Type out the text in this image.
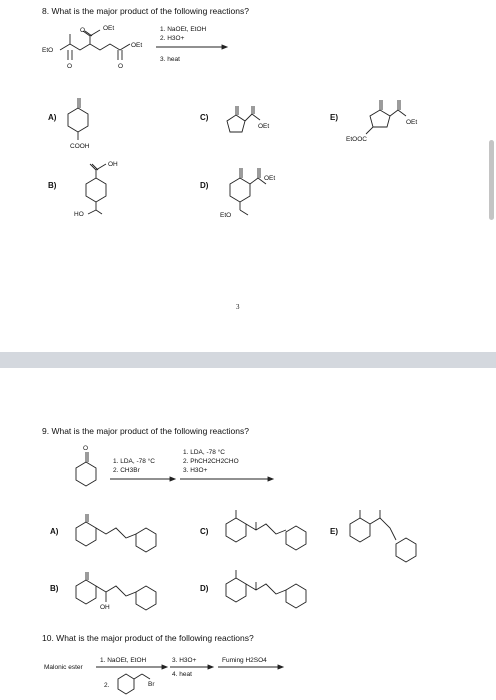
8. What is the major product of the following reactions?
EtO
OEt
OEt
O
O	O
1. NaOEt, EtOH
2. H3O+
3. heat
A)
COOH
B)
OH
HO
C)
OEt
D)
OEt
EtO
E)
OEt
EtOOC
3
9. What is the major product of the following reactions?
O
1. LDA, -78 °C
2. CH3Br
1. LDA, -78 °C
2. PhCH2CH2CHO
3. H3O+
A)	C)	E)
B)
OH
D)
10. What is the major product of the following reactions?
Malonic ester
Br
1. NaOEt, EtOH
2.
3. H3O+
4. heat
Fuming H2SO4
